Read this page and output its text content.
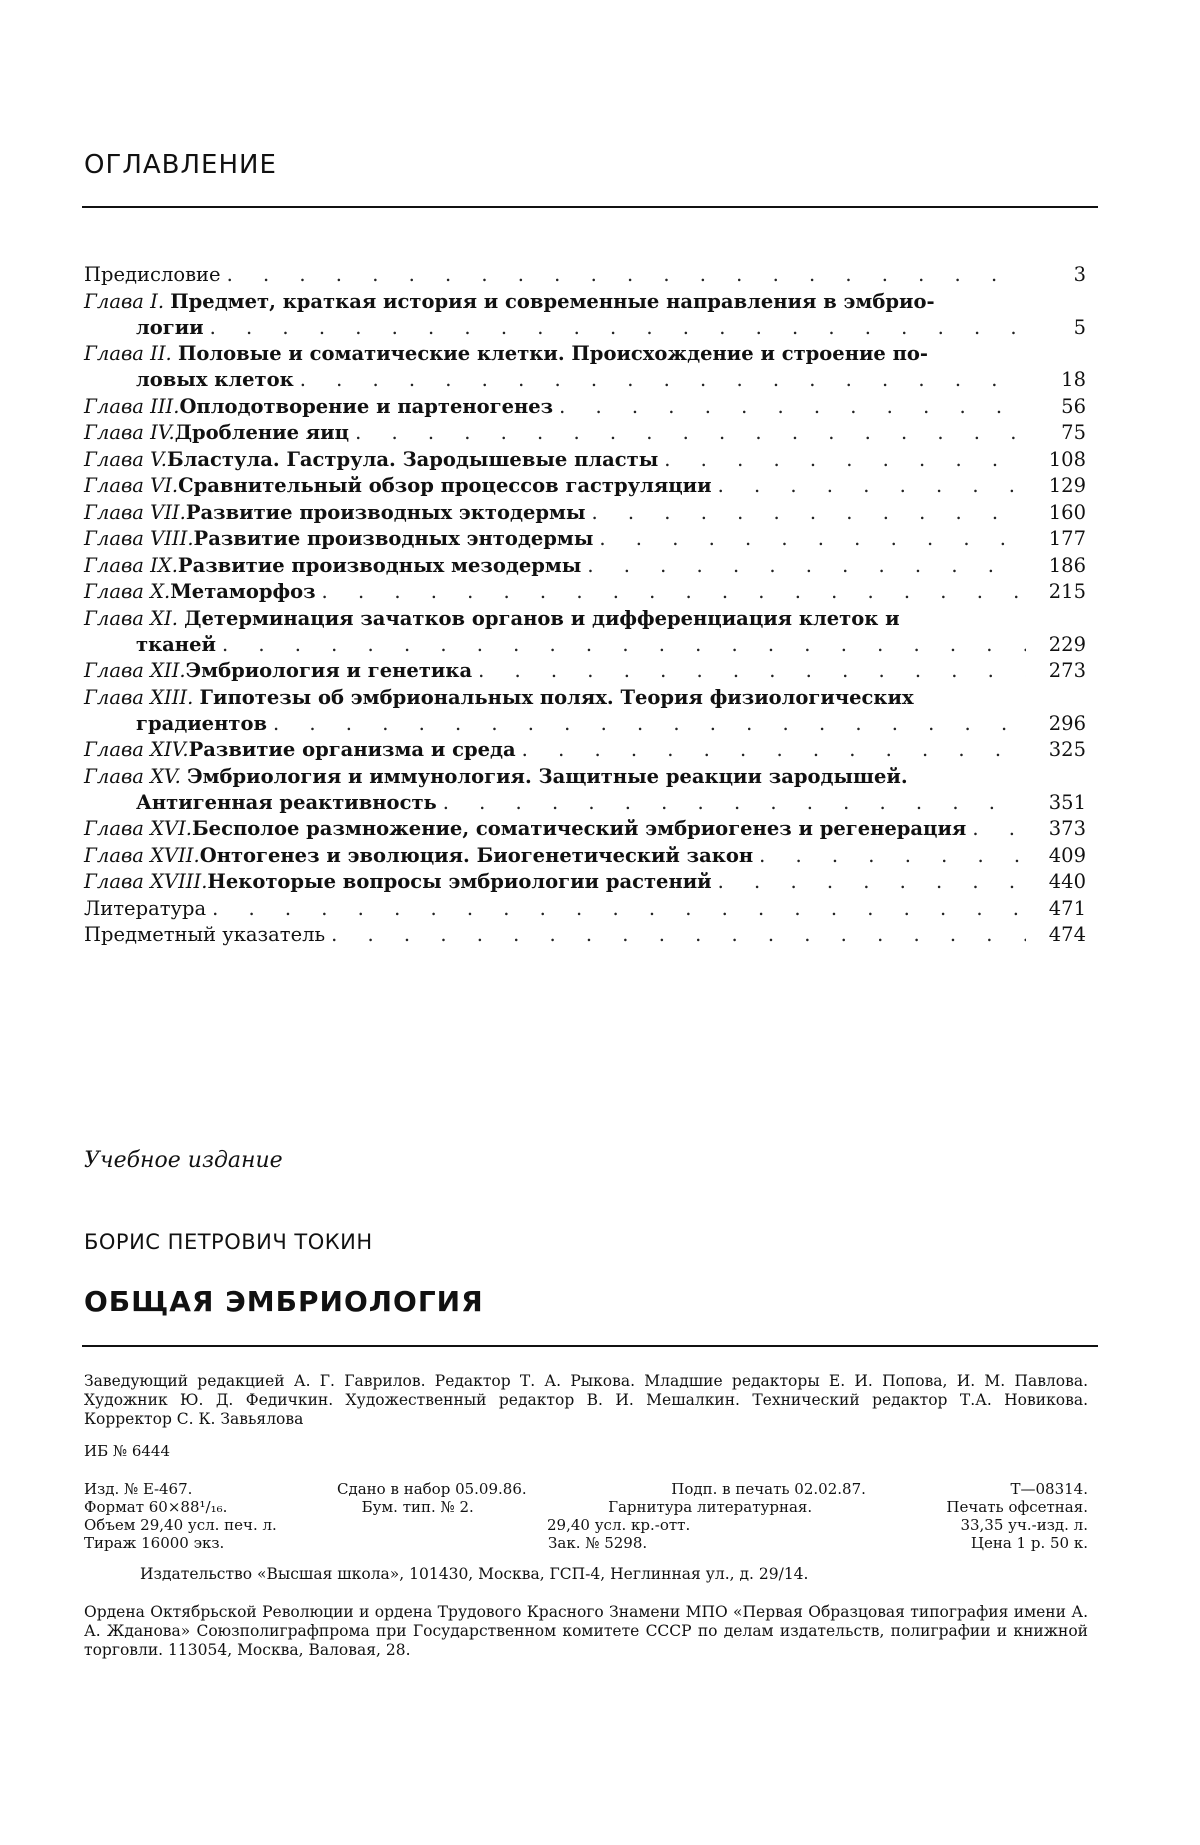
ОГЛАВЛЕНИЕ
Предисловие . . .	3
Глава I. Предмет, краткая история и современные направления в эмбрио-
логии . . .	5
Глава II. Половые и соматические клетки. Происхождение и строение по-
ловых клеток . . .	18
Глава III. Оплодотворение и партеногенез . . .	56
Глава IV. Дробление яиц . . .	75
Глава V. Бластула. Гаструла. Зародышевые пласты . . .	108
Глава VI. Сравнительный обзор процессов гаструляции . . .	129
Глава VII. Развитие производных эктодермы . . .	160
Глава VIII. Развитие производных энтодермы . . .	177
Глава IX. Развитие производных мезодермы . . .	186
Глава X. Метаморфоз . . .	215
Глава XI. Детерминация зачатков органов и дифференциация клеток и
тканей . . .	229
Глава XII. Эмбриология и генетика . . .	273
Глава XIII. Гипотезы об эмбриональных полях. Теория физиологических
градиентов . . .	296
Глава XIV. Развитие организма и среда . . .	325
Глава XV. Эмбриология и иммунология. Защитные реакции зародышей.
Антигенная реактивность . . .	351
Глава XVI. Бесполое размножение, соматический эмбриогенез и регенерация . . .	373
Глава XVII. Онтогенез и эволюция. Биогенетический закон . . .	409
Глава XVIII. Некоторые вопросы эмбриологии растений . . .	440
Литература . . .	471
Предметный указатель . . .	474
Учебное издание
БОРИС ПЕТРОВИЧ ТОКИН
ОБЩАЯ ЭМБРИОЛОГИЯ
Заведующий редакцией А. Г. Гаврилов. Редактор Т. А. Рыкова. Младшие редакторы Е. И. Попова, И. М. Павлова. Художник Ю. Д. Федичкин. Художественный редактор В. И. Мешалкин. Технический редактор Т.А. Новикова. Корректор С. К. Завьялова
ИБ № 6444
Изд. № Е-467.	Сдано в набор 05.09.86.	Подп. в печать 02.02.87.	Т—08314.
Формат 60×88¹/₁₆.	Бум. тип. № 2.	Гарнитура литературная.	Печать офсетная.
Объем 29,40 усл. печ. л.	29,40 усл. кр.-отт.	33,35 уч.-изд. л.
Тираж 16000 экз.	Зак. № 5298.	Цена 1 р. 50 к.
Издательство «Высшая школа», 101430, Москва, ГСП-4, Неглинная ул., д. 29/14.
Ордена Октябрьской Революции и ордена Трудового Красного Знамени МПО «Первая Образцовая типография имени А. А. Жданова» Союзполиграфпрома при Государственном комитете СССР по делам издательств, полиграфии и книжной торговли. 113054, Москва, Валовая, 28.
